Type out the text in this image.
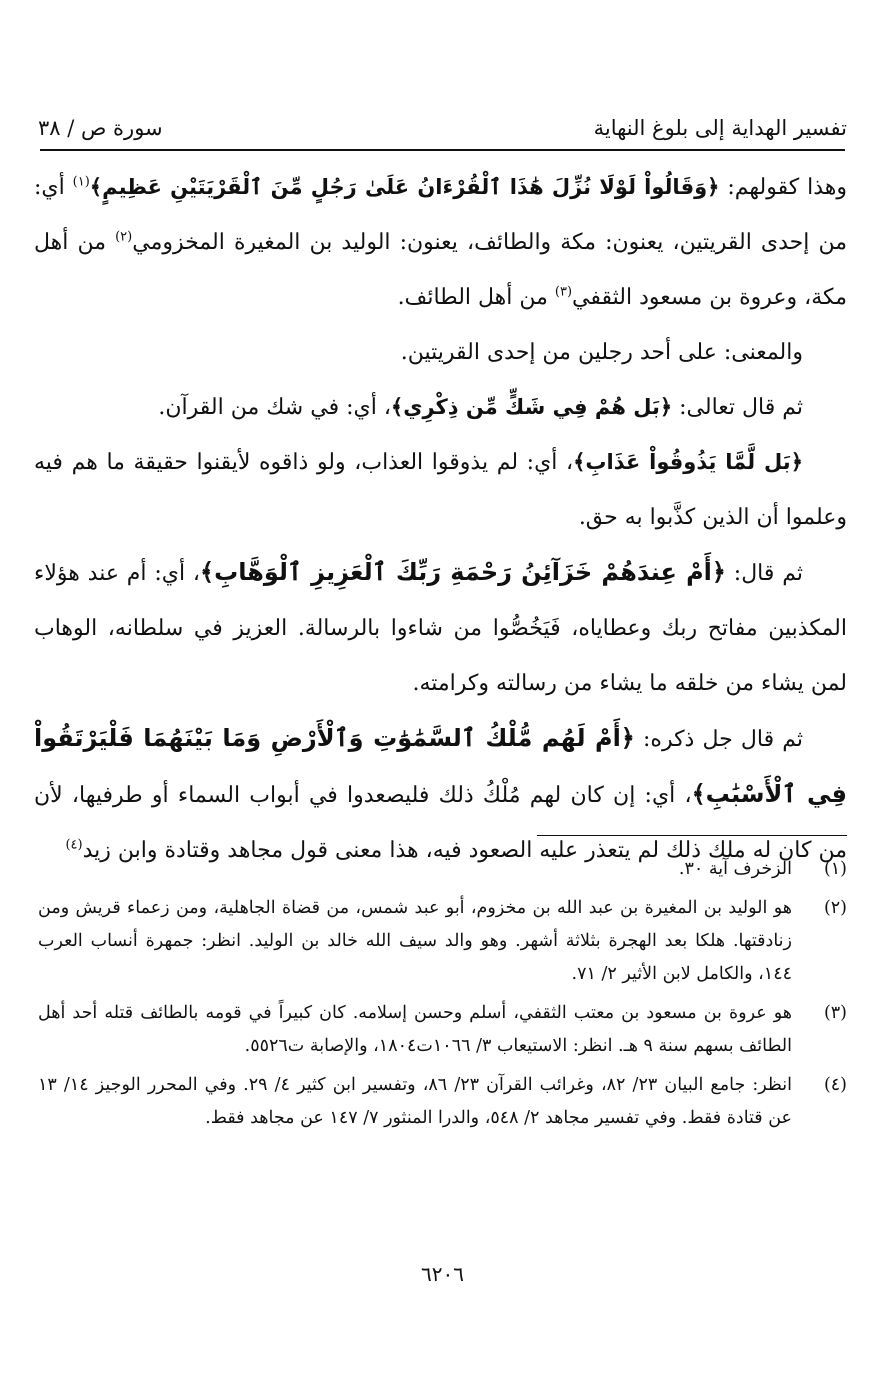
تفسير الهداية إلى بلوغ النهاية
سورة ص / ٣٨

وهذا كقولهم: ﴿وَقَالُواْ لَوْلَا نُزِّلَ هَٰذَا ٱلْقُرْءَانُ عَلَىٰ رَجُلٍ مِّنَ ٱلْقَرْيَتَيْنِ عَظِيمٍ﴾$^{(١)}$ أي: من إحدى القريتين، يعنون: مكة والطائف، يعنون: الوليد بن المغيرة المخزومي$^{(٢)}$ من أهل مكة، وعروة بن مسعود الثقفي$^{(٣)}$ من أهل الطائف.

والمعنى: على أحد رجلين من إحدى القريتين.

ثم قال تعالى: ﴿بَل هُمْ فِي شَكٍّ مِّن ذِكْرِي﴾، أي: في شك من القرآن.

﴿بَل لَّمَّا يَذُوقُواْ عَذَابِ﴾، أي: لم يذوقوا العذاب، ولو ذاقوه لأيقنوا حقيقة ما هم فيه وعلموا أن الذين كذَّبوا به حق.

ثم قال: ﴿أَمْ عِندَهُمْ خَزَآئِنُ رَحْمَةِ رَبِّكَ ٱلْعَزِيزِ ٱلْوَهَّابِ﴾، أي: أم عند هؤلاء المكذبين مفاتح ربك وعطاياه، فَيَخُصُّوا من شاءوا بالرسالة. العزيز في سلطانه، الوهاب لمن يشاء من خلقه ما يشاء من رسالته وكرامته.

ثم قال جل ذكره: ﴿أَمْ لَهُم مُّلْكُ ٱلسَّمَٰوَٰتِ وَٱلْأَرْضِ وَمَا بَيْنَهُمَا فَلْيَرْتَقُواْ فِي ٱلْأَسْبَٰبِ﴾، أي: إن كان لهم مُلْكُ ذلك فليصعدوا في أبواب السماء أو طرفيها، لأن من كان له ملك ذلك لم يتعذر عليه الصعود فيه، هذا معنى قول مجاهد وقتادة وابن زيد$^{(٤)}$

(١)
الزخرف آية ٣٠.
(٢)
هو الوليد بن المغيرة بن عبد الله بن مخزوم، أبو عبد شمس، من قضاة الجاهلية، ومن زعماء قريش ومن زنادقتها. هلكا بعد الهجرة بثلاثة أشهر. وهو والد سيف الله خالد بن الوليد. انظر: جمهرة أنساب العرب ١٤٤، والكامل لابن الأثير ٢/ ٧١.
(٣)
هو عروة بن مسعود بن معتب الثقفي، أسلم وحسن إسلامه. كان كبيراً في قومه بالطائف قتله أحد أهل الطائف بسهم سنة ٩ هـ. انظر: الاستيعاب ٣/ ١٠٦٦ت١٨٠٤، والإصابة ت٥٥٢٦.
(٤)
انظر: جامع البيان ٢٣/ ٨٢، وغرائب القرآن ٢٣/ ٨٦، وتفسير ابن كثير ٤/ ٢٩. وفي المحرر الوجيز ١٤/ ١٣ عن قتادة فقط. وفي تفسير مجاهد ٢/ ٥٤٨، والدرا المنثور ٧/ ١٤٧ عن مجاهد فقط.
٦٢٠٦
